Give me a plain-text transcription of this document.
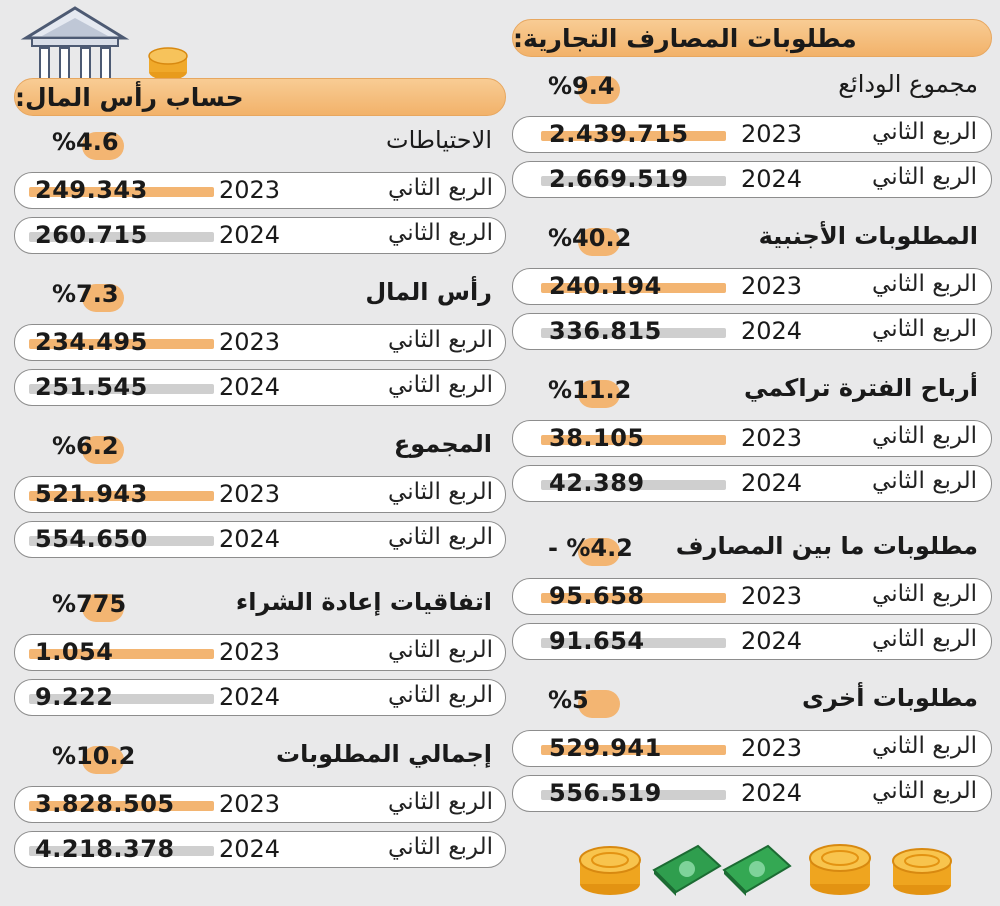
مطلوبات المصارف التجارية:
حساب رأس المال:	مجموع الودائع
%9.4
2.439.715 2023	الربع الثاني
2.669.519 2024	الربع الثاني
المطلوبات الأجنبية
%40.2
240.194	2023	الربع الثاني
336.815	2024	الربع الثاني
أرباح الفترة تراكمي
%11.2
38.105	2023	الربع الثاني
42.389	2024	الربع الثاني
مطلوبات ما بين المصارف
- %4.2
95.658	2023	الربع الثاني
91.654	2024	الربع الثاني
مطلوبات أخرى
%5
529.941	2023	الربع الثاني
556.519	2024	الربع الثاني
الاحتياطات
%4.6
249.343	2023	الربع الثاني
260.715	2024	الربع الثاني
رأس المال
%7.3
234.495	2023	الربع الثاني
251.545	2024	الربع الثاني
المجموع
%6.2
521.943	2023	الربع الثاني
554.650	2024	الربع الثاني
اتفاقيات إعادة الشراء
%775
1.054	2023	الربع الثاني
9.222	2024	الربع الثاني
إجمالي المطلوبات
%10.2
3.828.505 2023	الربع الثاني
4.218.378 2024	الربع الثاني
